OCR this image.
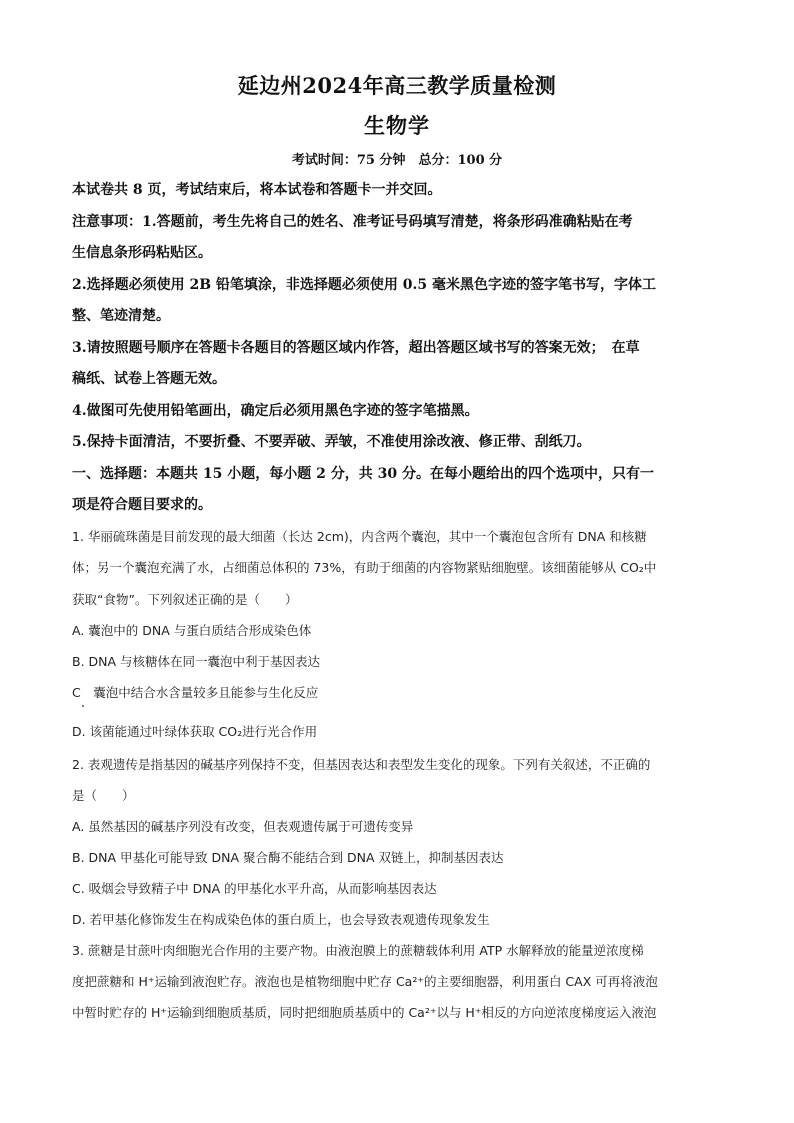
延边州2024年高三教学质量检测
生物学
考试时间：75 分钟　总分：100 分
本试卷共 8 页，考试结束后，将本试卷和答题卡一并交回。
注意事项：1.答题前，考生先将自己的姓名、准考证号码填写清楚，将条形码准确粘贴在考
生信息条形码粘贴区。
2.选择题必须使用 2B 铅笔填涂，非选择题必须使用 0.5 毫米黑色字迹的签字笔书写，字体工
整、笔迹清楚。
3.请按照题号顺序在答题卡各题目的答题区域内作答，超出答题区域书写的答案无效；　在草
稿纸、试卷上答题无效。
4.做图可先使用铅笔画出，确定后必须用黑色字迹的签字笔描黑。
5.保持卡面清洁，不要折叠、不要弄破、弄皱，不准使用涂改液、修正带、刮纸刀。
一、选择题：本题共 15 小题，每小题 2 分，共 30 分。在每小题给出的四个选项中，只有一
项是符合题目要求的。
1. 华丽硫珠菌是目前发现的最大细菌（长达 2cm)，内含两个囊泡，其中一个囊泡包含所有 DNA 和核糖
体；另一个囊泡充满了水，占细菌总体积的 73%，有助于细菌的内容物紧贴细胞壁。该细菌能够从 CO₂中
获取“食物”。下列叙述正确的是（　　）
A. 囊泡中的 DNA 与蛋白质结合形成染色体
B. DNA 与核糖体在同一囊泡中利于基因表达
C　囊泡中结合水含量较多且能参与生化反应
D. 该菌能通过叶绿体获取 CO₂进行光合作用
2. 表观遗传是指基因的碱基序列保持不变，但基因表达和表型发生变化的现象。下列有关叙述，不正确的
是（　　）
A. 虽然基因的碱基序列没有改变，但表观遗传属于可遗传变异
B. DNA 甲基化可能导致 DNA 聚合酶不能结合到 DNA 双链上，抑制基因表达
C. 吸烟会导致精子中 DNA 的甲基化水平升高，从而影响基因表达
D. 若甲基化修饰发生在构成染色体的蛋白质上，也会导致表观遗传现象发生
3. 蔗糖是甘蔗叶肉细胞光合作用的主要产物。由液泡膜上的蔗糖载体利用 ATP 水解释放的能量逆浓度梯
度把蔗糖和 H⁺运输到液泡贮存。液泡也是植物细胞中贮存 Ca²⁺的主要细胞器，利用蛋白 CAX 可再将液泡
中暂时贮存的 H⁺运输到细胞质基质，同时把细胞质基质中的 Ca²⁺以与 H⁺相反的方向逆浓度梯度运入液泡
